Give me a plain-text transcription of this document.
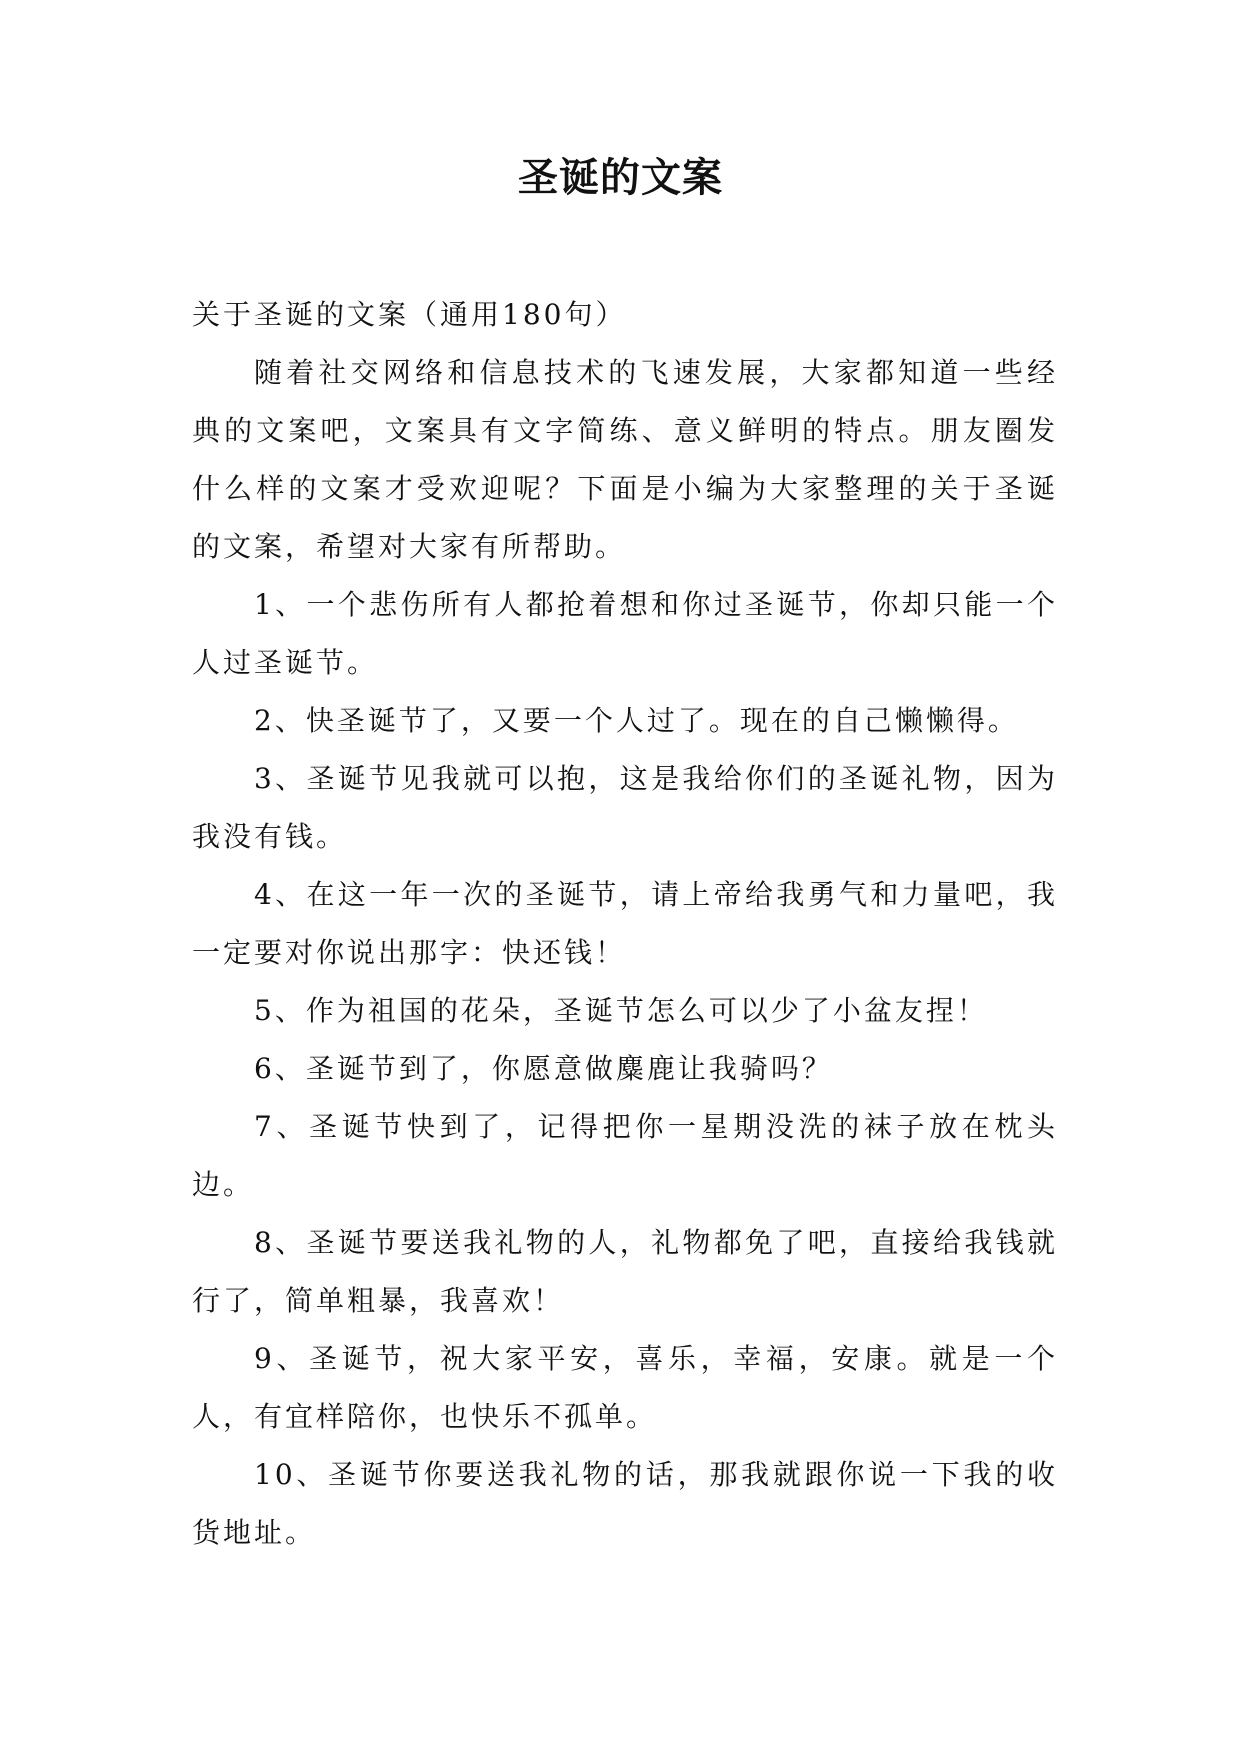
圣诞的文案

关于圣诞的文案（通用180句）

随着社交网络和信息技术的飞速发展，大家都知道一些经典的文案吧，文案具有文字简练、意义鲜明的特点。朋友圈发什么样的文案才受欢迎呢？下面是小编为大家整理的关于圣诞的文案，希望对大家有所帮助。

1、一个悲伤所有人都抢着想和你过圣诞节，你却只能一个人过圣诞节。

2、快圣诞节了，又要一个人过了。现在的自己懒懒得。

3、圣诞节见我就可以抱，这是我给你们的圣诞礼物，因为我没有钱。

4、在这一年一次的圣诞节，请上帝给我勇气和力量吧，我一定要对你说出那字：快还钱！

5、作为祖国的花朵，圣诞节怎么可以少了小盆友捏！

6、圣诞节到了，你愿意做麋鹿让我骑吗？

7、圣诞节快到了，记得把你一星期没洗的袜子放在枕头边。

8、圣诞节要送我礼物的人，礼物都免了吧，直接给我钱就行了，简单粗暴，我喜欢！

9、圣诞节，祝大家平安，喜乐，幸福，安康。就是一个人，有宜样陪你，也快乐不孤单。

10、圣诞节你要送我礼物的话，那我就跟你说一下我的收货地址。
